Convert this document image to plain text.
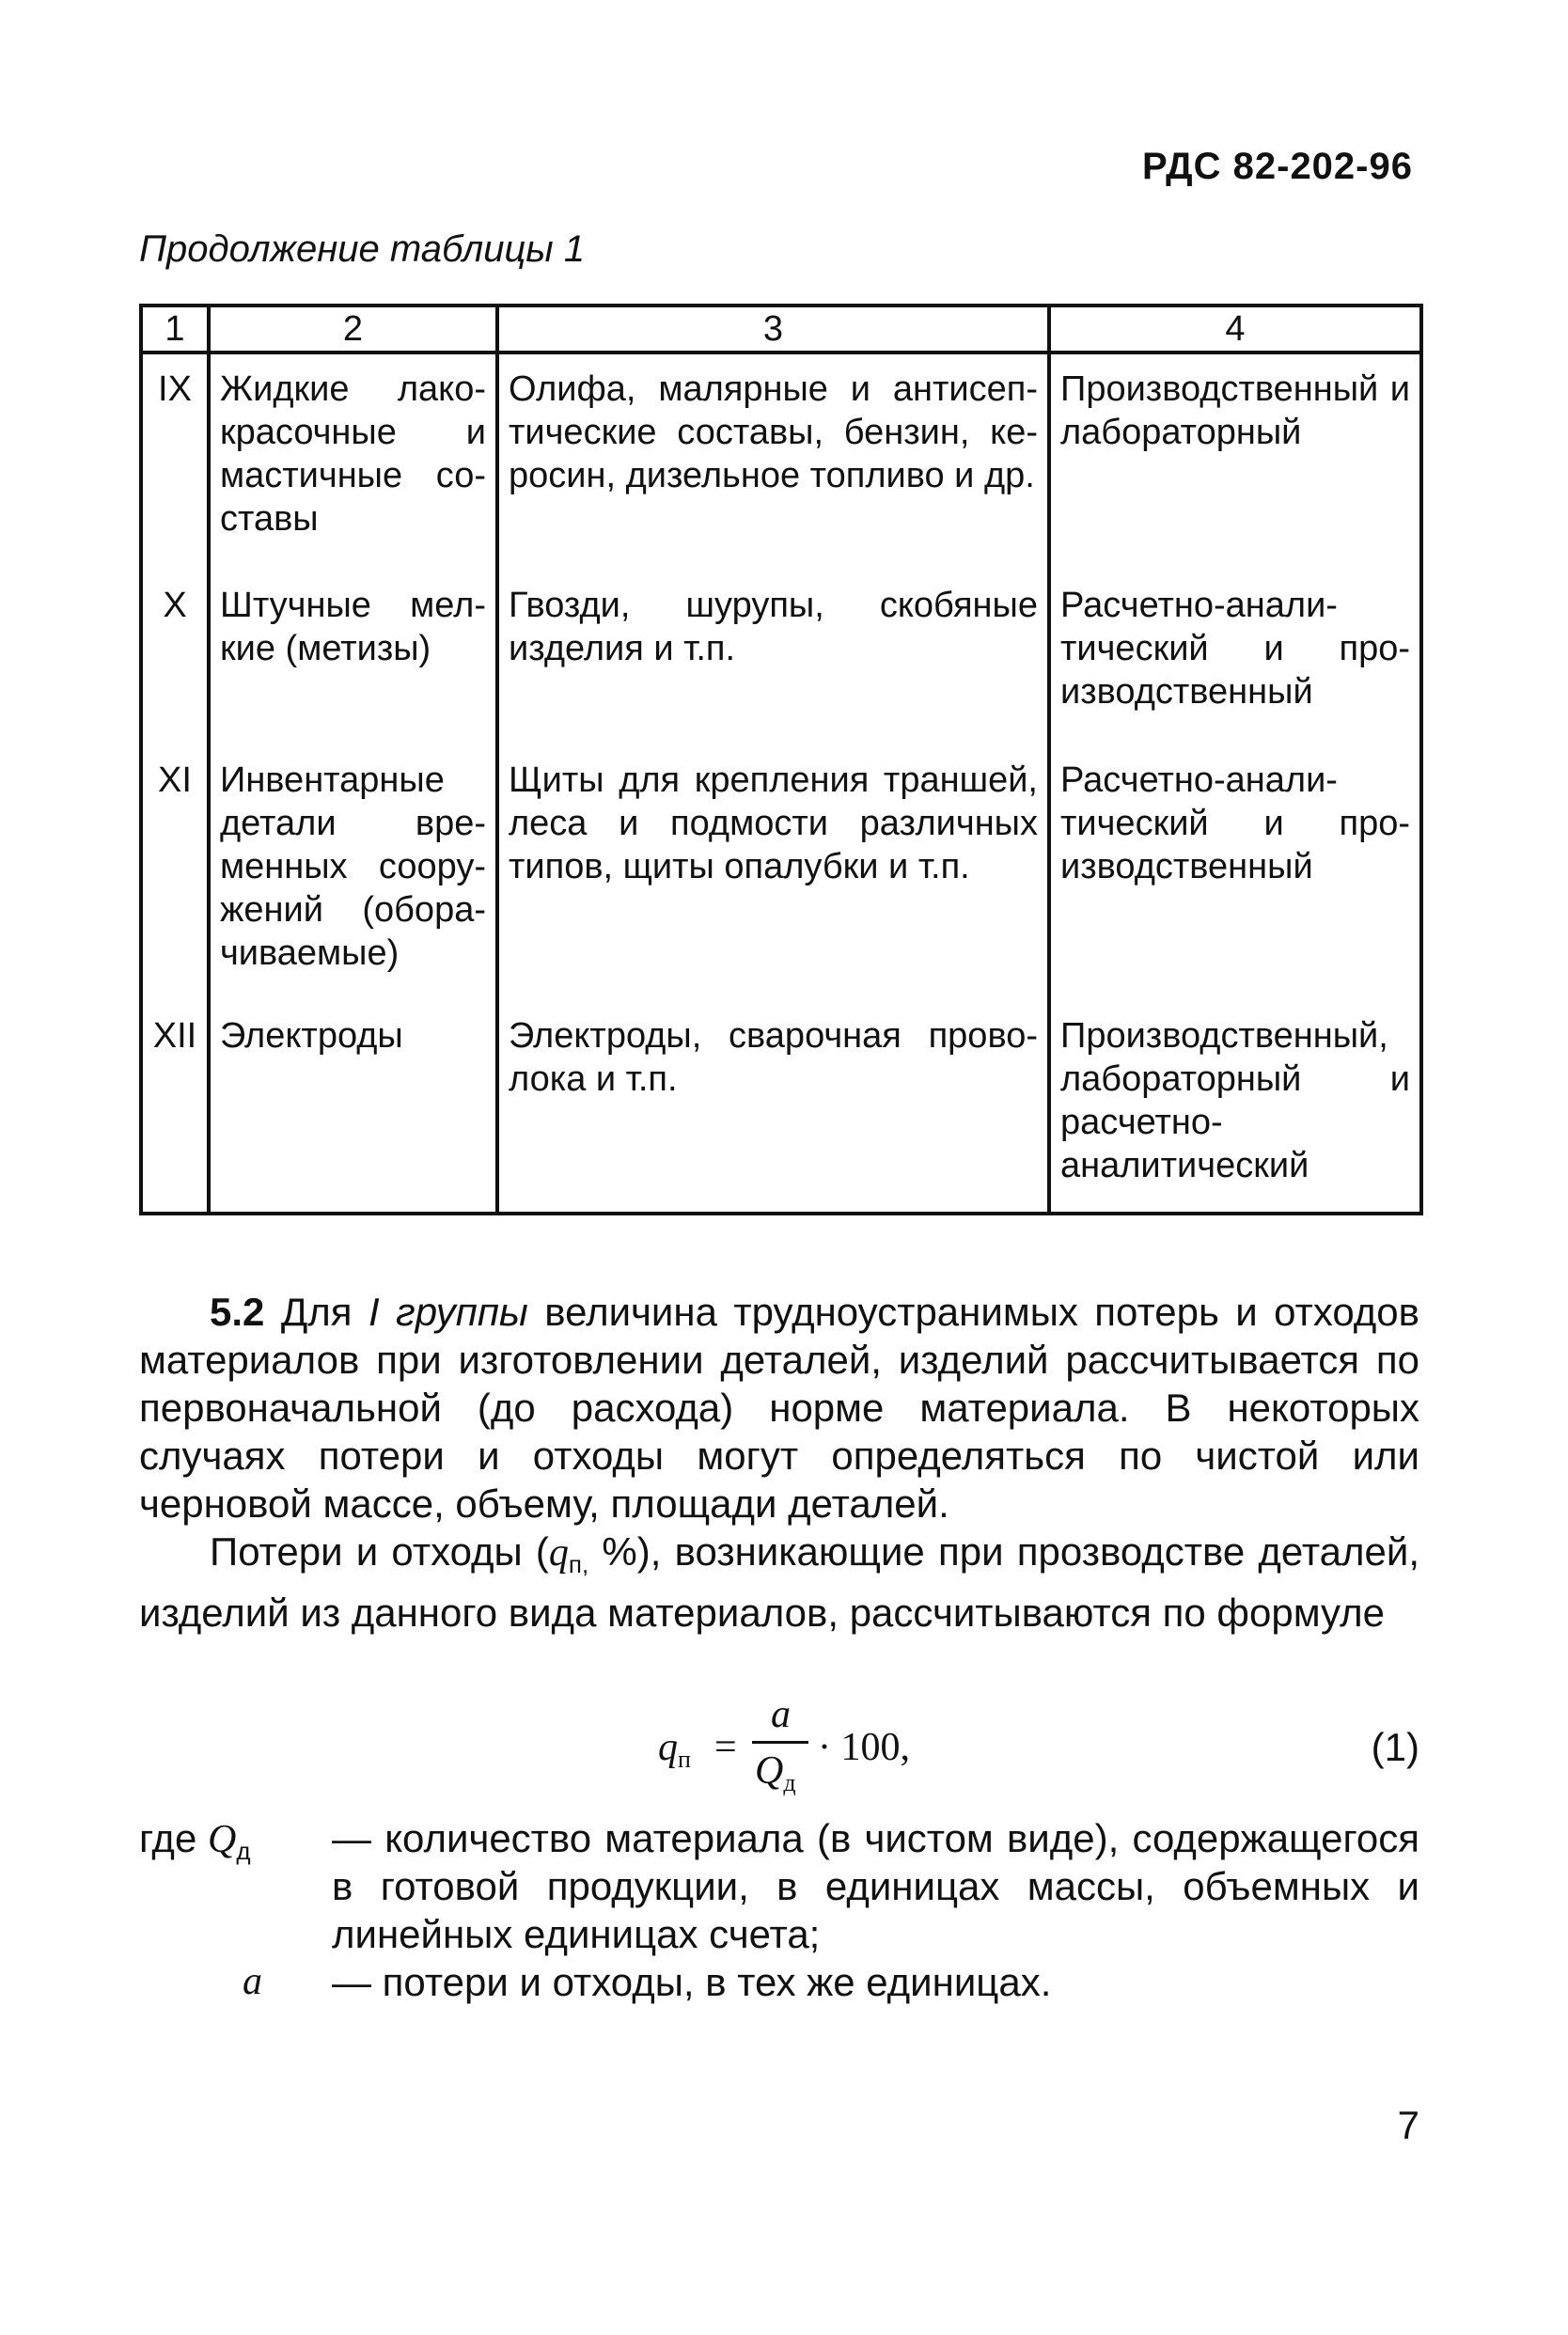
РДС 82-202-96
Продолжение таблицы 1
1	2	3	4
IX	Жидкие лакокрасочные и мастичные составы	Олифа, малярные и антисептические составы, бензин, керосин, дизельное топливо и др.	Производственный и лабораторный
X	Штучные мелкие (метизы)	Гвозди, шурупы, скобяные изделия и т.п.	Расчетно-аналитический и производственный
XI	Инвентарные детали временных сооружений (оборачиваемые)	Щиты для крепления траншей, леса и подмости различных типов, щиты опалубки и т.п.	Расчетно-аналитический и производственный
XII	Электроды	Электроды, сварочная проволока и т.п.	Производственный, лабораторный и расчетноаналитический

5.2 Для I группы величина трудноустранимых потерь и отходов материалов при изготовлении деталей, изделий рассчитывается по первоначальной (до расхода) норме материала. В некоторых случаях потери и отходы могут определяться по чистой или черновой массе, объему, площади деталей.

Потери и отходы ($q_{п,}$ %), возникающие при прозводстве деталей, изделий из данного вида материалов, рассчитываются по формуле

$q_п$ =
a
$Q_д$
· 100,	(1)
где $Q_д$ — количество материала (в чистом виде), содержащегося в готовой продукции, в единицах массы, объемных и линейных единицах счета;
a — потери и отходы, в тех же единицах.
7
